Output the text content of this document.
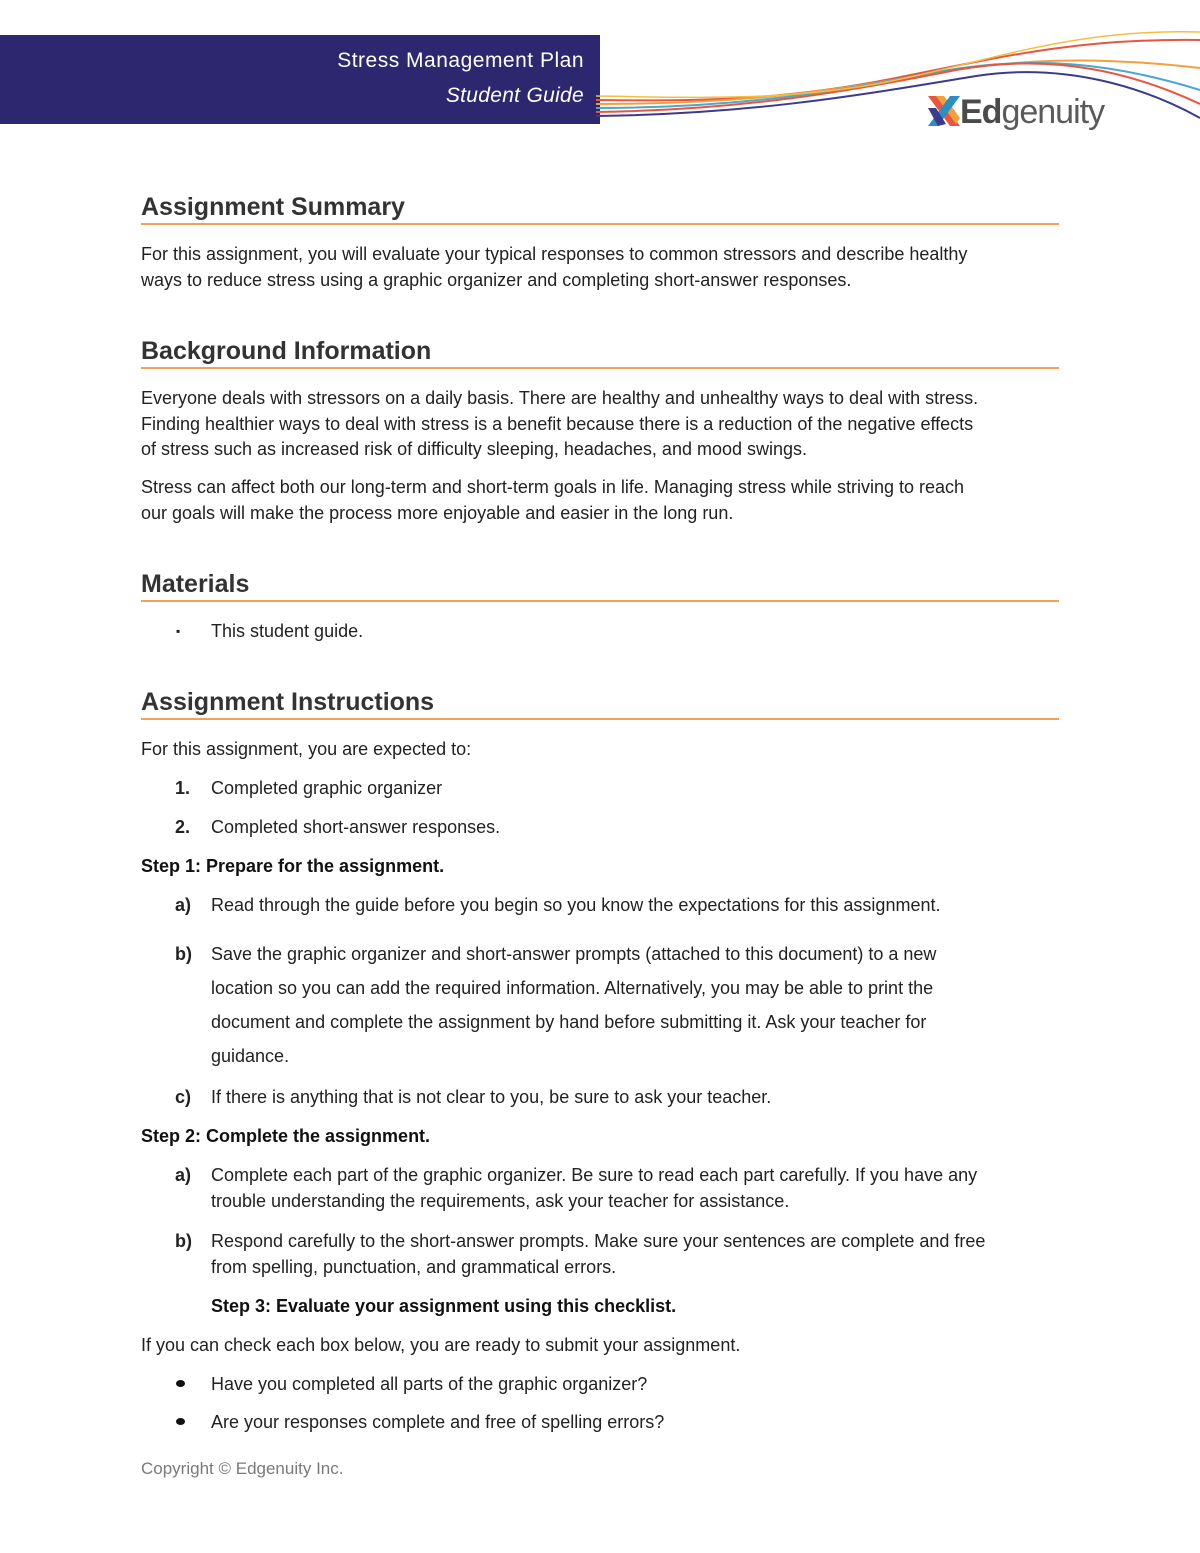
Stress Management Plan
Student Guide	Edgenuity
Assignment Summary
For this assignment, you will evaluate your typical responses to common stressors and describe healthy
ways to reduce stress using a graphic organizer and completing short-answer responses.
Background Information
Everyone deals with stressors on a daily basis. There are healthy and unhealthy ways to deal with stress.
Finding healthier ways to deal with stress is a benefit because there is a reduction of the negative effects
of stress such as increased risk of difficulty sleeping, headaches, and mood swings.
Stress can affect both our long-term and short-term goals in life. Managing stress while striving to reach
our goals will make the process more enjoyable and easier in the long run.
Materials
▪ This student guide.
Assignment Instructions
For this assignment, you are expected to:
1. Completed graphic organizer
2. Completed short-answer responses.
Step 1: Prepare for the assignment.
a) Read through the guide before you begin so you know the expectations for this assignment.
b) Save the graphic organizer and short-answer prompts (attached to this document) to a new
location so you can add the required information. Alternatively, you may be able to print the
document and complete the assignment by hand before submitting it. Ask your teacher for
guidance.
c) If there is anything that is not clear to you, be sure to ask your teacher.
Step 2: Complete the assignment.
a) Complete each part of the graphic organizer. Be sure to read each part carefully. If you have any
trouble understanding the requirements, ask your teacher for assistance.
b) Respond carefully to the short-answer prompts. Make sure your sentences are complete and free
from spelling, punctuation, and grammatical errors.
Step 3: Evaluate your assignment using this checklist.
If you can check each box below, you are ready to submit your assignment.
Have you completed all parts of the graphic organizer?
Are your responses complete and free of spelling errors?
Copyright © Edgenuity Inc.
